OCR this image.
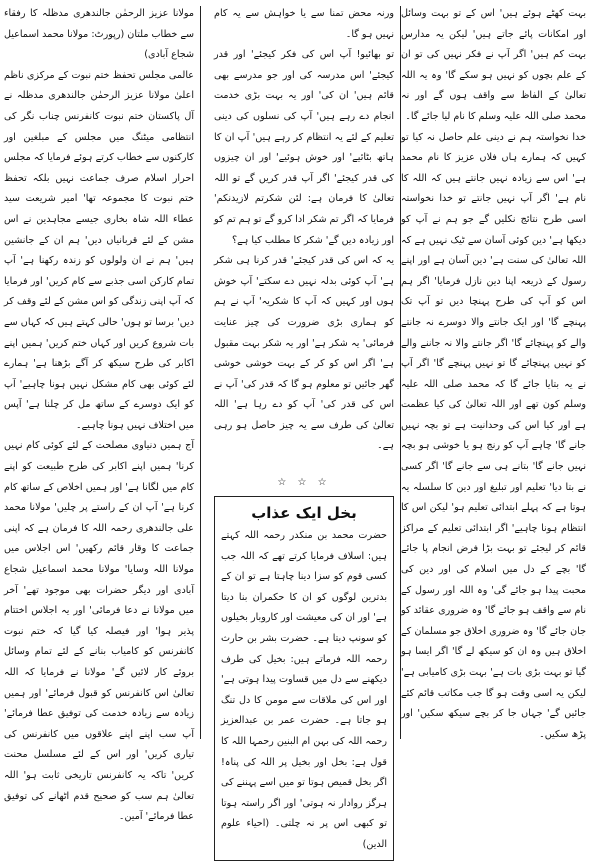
بہت کھٹے ہوئے ہیں' اس کے تو بہت وسائل اور امکانات پائے جاتے ہیں' لیکن یہ مدارس بہت کم ہیں' اگر آپ نے فکر نہیں کی تو ان کے علم بچوں کو نہیں ہو سکے گا' وہ یہ اللہ تعالیٰ کے الفاظ سے واقف ہوں گے اور نہ محمد صلی اللہ علیہ وسلم کا نام لیا جائے گا۔

خدا نخواستہ ہم نے دینی علم حاصل نہ کیا تو کہیں کہ ہمارے ہاں فلاں عزیز کا نام محمد ہے' اس سے زیادہ نہیں جانتے ہیں کہ اللہ کا نام ہے' اگر آپ نہیں جانتے تو خدا نخواستہ اسی طرح نتائج نکلیں گے جو ہم نے آپ کو دیکھا ہے' دین کوئی آسان سے ٹیک نہیں ہے کہ اللہ تعالیٰ کی سنت ہے' دین آسان ہے اور اپنے رسول کے ذریعہ اپنا دین نازل فرمایا' اگر ہم اس کو آپ کی طرح پہنچا دیں تو آپ تک پہنچے گا' اور ایک جانتے والا دوسرے نہ جانتے والے کو پہنچائے گا' اگر جانتے والا نہ جاننے والے کو نہیں پہنچائے گا تو نہیں پہنچے گا' اگر آپ نے یہ بتایا جائے گا کہ محمد صلی اللہ علیہ وسلم کون تھے اور اللہ تعالیٰ کی کیا عظمت ہے اور کیا اس کی وحدانیت ہے تو بچہ نہیں جانے گا' چاہے آپ کو رنج ہو یا خوشی ہو بچہ نہیں جانے گا' بتانے ہی سے جانے گا' اگر کسی نے بتا دیا' تعلیم اور تبلیغ اور دین کا سلسلہ یہ ہوتا ہے کہ پہلے ابتدائی تعلیم ہو' لیکن اس کا انتظام ہونا چاہیے' اگر ابتدائی تعلیم کے مراکز قائم کر لیجئے تو بہت بڑا فرض انجام پا جائے گا' بچے کے دل میں اسلام کی اور دین کی محبت پیدا ہو جائے گی' وہ اللہ اور رسول کے نام سے واقف ہو جائے گا' وہ ضروری عقائد کو جان جائے گا' وہ ضروری اخلاق جو مسلمان کے اخلاق ہیں وہ ان کو سیکھ لے گا' اگر ایسا ہو گیا تو بہت بڑی بات ہے' بہت بڑی کامیابی ہے' لیکن یہ اسی وقت ہو گا جب مکاتب قائم کئے جائیں گے' جہاں جا کر بچے سیکھ سکیں' اور پڑھ سکیں۔

ورنہ محض تمنا سے یا خواہش سے یہ کام نہیں ہو گا۔

تو بھائیو! آپ اس کی فکر کیجئے' اور قدر کیجئے' اس مدرسہ کی اور جو مدرسے بھی قائم ہیں' ان کی' اور یہ بہت بڑی خدمت انجام دے رہے ہیں' آپ کی نسلوں کی دینی تعلیم کے لئے یہ انتظام کر رہے ہیں' آپ ان کا ہاتھ بٹائیے' اور خوش ہوئیے' اور ان چیزوں کی قدر کیجئے' اگر آپ قدر کریں گے تو اللہ تعالیٰ کا فرمان ہے: لئن شکرتم لازیدنکم' فرمایا کہ اگر تم شکر ادا کرو گے تو ہم تم کو اور زیادہ دیں گے' شکر کا مطلب کیا ہے؟

یہ کہ اس کی قدر کیجئے' قدر کرنا ہی شکر ہے' آپ کوئی بدلہ نہیں دے سکتے' آپ خوش ہوں اور کہیں کہ آپ کا شکریہ' آپ نے ہم کو ہماری بڑی ضرورت کی چیز عنایت فرمائی' یہ شکر ہے' اور یہ شکر بہت مقبول ہے' اگر اس کو کر کے بہت خوشی خوشی گھر جائیں تو معلوم ہو گا کہ قدر کی' آپ نے اس کی قدر کی' آپ کو دے رہا ہے' اللہ تعالیٰ کی طرف سے یہ چیز حاصل ہو رہی ہے۔

☆ ☆ ☆
بخل ایک عذاب

حضرت محمد بن منکدر رحمہ اللہ کہتے ہیں: اسلاف فرمایا کرتے تھے کہ اللہ جب کسی قوم کو سزا دینا چاہتا ہے تو ان کے بدترین لوگوں کو ان کا حکمران بنا دیتا ہے' اور ان کی معیشت اور کاروبار بخیلوں کو سونپ دیتا ہے۔ حضرت بشر بن حارث رحمہ اللہ فرماتے ہیں: بخیل کی طرف دیکھنے سے دل میں قساوت پیدا ہوتی ہے' اور اس کی ملاقات سے مومن کا دل تنگ ہو جاتا ہے۔ حضرت عمر بن عبدالعزیز رحمہ اللہ کی بہن ام البنین رحمہا اللہ کا قول ہے: بخل اور بخیل پر اللہ کی پناہ! اگر بخل قمیص ہوتا تو میں اسے پہننے کی ہرگز روادار نہ ہوتی' اور اگر راستہ ہوتا تو کبھی اس پر نہ چلتی۔ (احیاء علوم الدین)

مولانا عزیز الرحمٰن جالندھری مدظلہ کا رفقاء سے خطاب ملتان (رپورٹ: مولانا محمد اسماعیل شجاع آبادی)

عالمی مجلس تحفظ ختم نبوت کے مرکزی ناظم اعلیٰ مولانا عزیز الرحمٰن جالندھری مدظلہ نے آل پاکستان ختم نبوت کانفرنس چناب نگر کی انتظامی میٹنگ میں مجلس کے مبلغین اور کارکنوں سے خطاب کرتے ہوئے فرمایا کہ مجلس احرار اسلام صرف جماعت نہیں بلکہ تحفظ ختم نبوت کا مجموعہ تھا' امیر شریعت سید عطاء اللہ شاہ بخاری جیسے مجاہدین نے اس مشن کے لئے قربانیاں دیں' ہم ان کے جانشین ہیں' ہم نے ان ولولوں کو زندہ رکھنا ہے' آپ تمام کارکن اسی جذبے سے کام کریں' اور فرمایا کہ آپ اپنی زندگی کو اس مشن کے لئے وقف کر دیں' برسا تو ہوں' حالی کہتے ہیں کہ کہاں سے بات شروع کریں اور کہاں ختم کریں' ہمیں اپنے اکابر کی طرح سیکھ کر آگے بڑھنا ہے' ہمارے لئے کوئی بھی کام مشکل نہیں ہونا چاہیے' آپ کو ایک دوسرے کے ساتھ مل کر چلنا ہے' آپس میں اختلاف نہیں ہونا چاہیے۔

آج ہمیں دنیاوی مصلحت کے لئے کوئی کام نہیں کرنا' ہمیں اپنے اکابر کی طرح طبیعت کو اپنے کام میں لگانا ہے' اور ہمیں اخلاص کے ساتھ کام کرنا ہے' آپ ان کے راستے پر چلیں' مولانا محمد علی جالندھری رحمہ اللہ کا فرمان ہے کہ اپنی جماعت کا وقار قائم رکھیں' اس اجلاس میں مولانا اللہ وسایا' مولانا محمد اسماعیل شجاع آبادی اور دیگر حضرات بھی موجود تھے' آخر میں مولانا نے دعا فرمائی' اور یہ اجلاس اختتام پذیر ہوا' اور فیصلہ کیا گیا کہ ختم نبوت کانفرنس کو کامیاب بنانے کے لئے تمام وسائل بروئے کار لائیں گے' مولانا نے فرمایا کہ اللہ تعالیٰ اس کانفرنس کو قبول فرمائے' اور ہمیں زیادہ سے زیادہ خدمت کی توفیق عطا فرمائے' آپ سب اپنے اپنے علاقوں میں کانفرنس کی تیاری کریں' اور اس کے لئے مسلسل محنت کریں' تاکہ یہ کانفرنس تاریخی ثابت ہو' اللہ تعالیٰ ہم سب کو صحیح قدم اٹھانے کی توفیق عطا فرمائے' آمین۔
